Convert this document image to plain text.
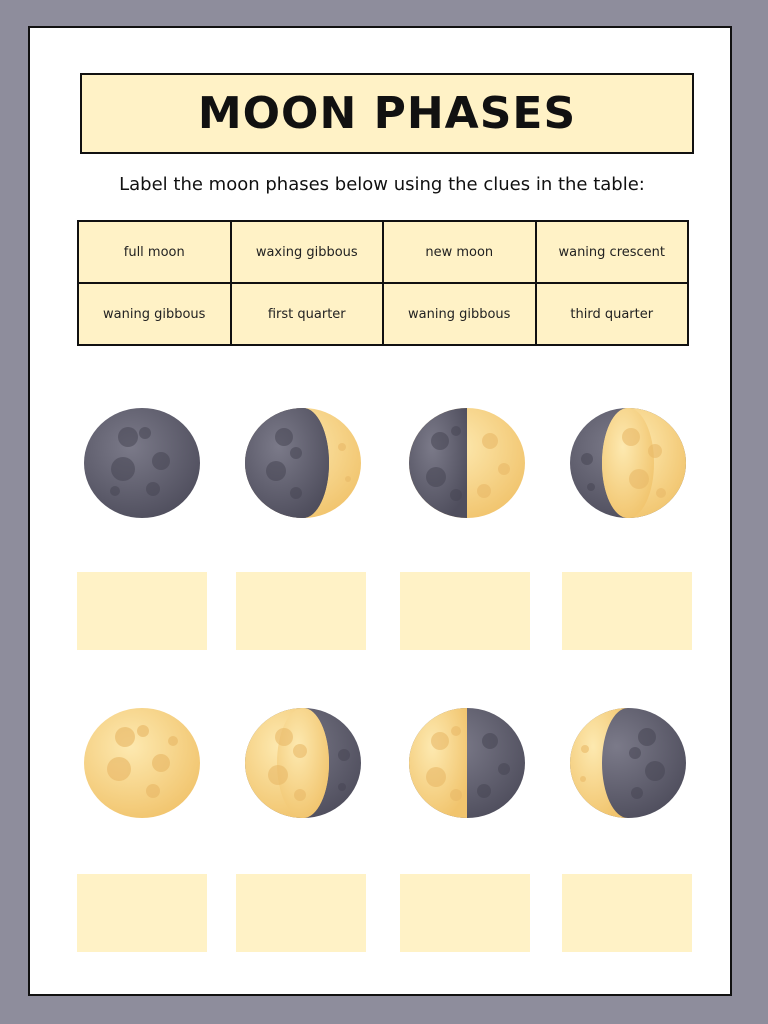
MOON PHASES
Label the moon phases below using the clues in the table:
full moon	waxing gibbous	new moon	waning crescent
waning gibbous	first quarter	waning gibbous	third quarter
